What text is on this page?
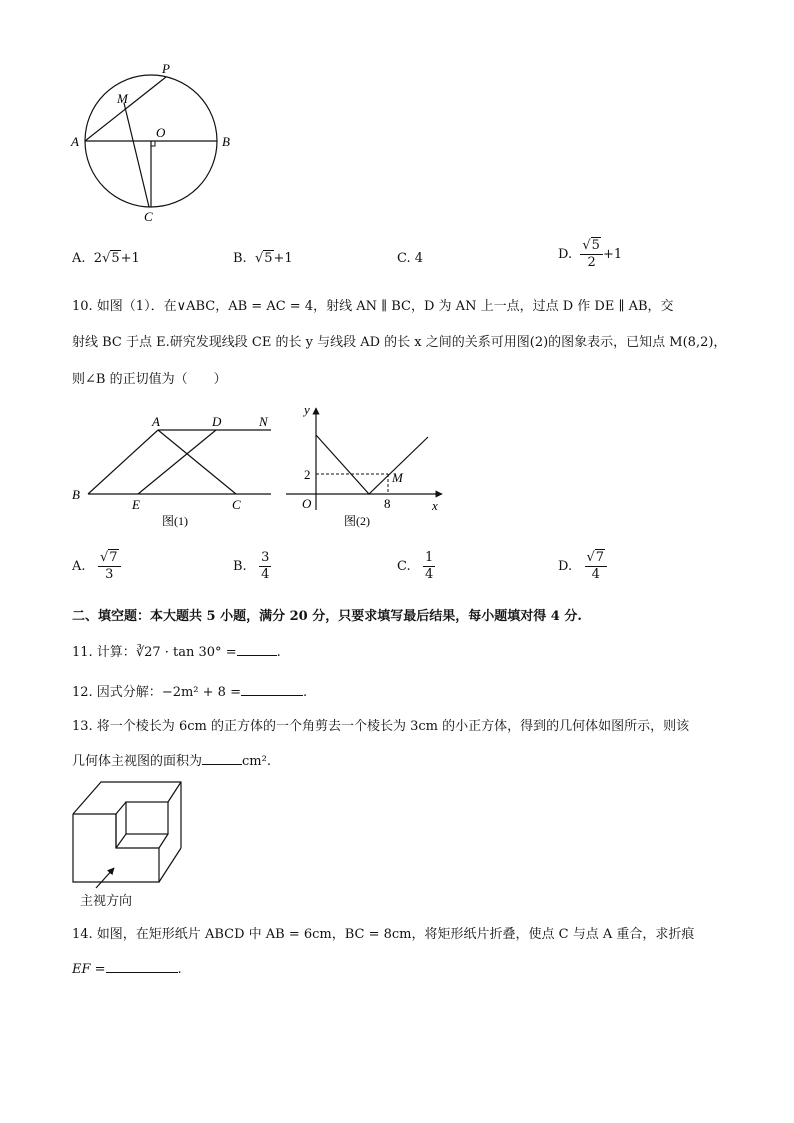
P
M
A
O
B
C
A. 2√5+1	B.  √5+1	C. 4	D. $\frac{√5}{2} +1$
10. 如图（1）．在∨ABC，AB = AC = 4，射线 AN ∥ BC，D 为 AN 上一点，过点 D 作 DE ∥ AB，交
射线 BC 于点 E.研究发现线段 CE 的长 y 与线段 AD 的长 x 之间的关系可用图(2)的图象表示，已知点 M(8,2)，
则∠B 的正切值为（　　）
A	D	N
B
E	C
图(1)
y
2	M
O	8	x
图(2)
A. $\frac{√7}{3}$	B. $\frac{3}{4}$	C. $\frac{1}{4}$	D. $\frac{√7}{4}$
二、填空题：本大题共 5 小题，满分 20 分，只要求填写最后结果，每小题填对得 4 分.
11. 计算：∛27 · tan 30° =	.
12. 因式分解：−2m² + 8 =	.
13. 将一个棱长为 6cm 的正方体的一个角剪去一个棱长为 3cm 的小正方体，得到的几何体如图所示，则该
几何体主视图的面积为	cm².
主视方向
14. 如图，在矩形纸片 ABCD 中 AB = 6cm，BC = 8cm，将矩形纸片折叠，使点 C 与点 A 重合，求折痕
EF =	.
